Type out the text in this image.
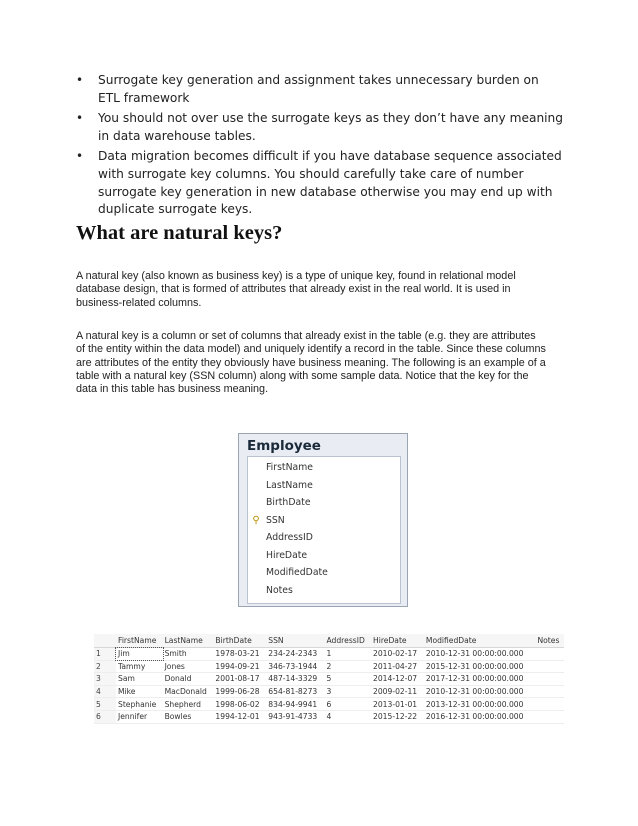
• Surrogate key generation and assignment takes unnecessary burden on ETL framework
• You should not over use the surrogate keys as they don’t have any meaning in data warehouse tables.
• Data migration becomes difficult if you have database sequence associated with surrogate key columns. You should carefully take care of number surrogate key generation in new database otherwise you may end up with duplicate surrogate keys.
What are natural keys?

A natural key (also known as business key) is a type of unique key, found in relational model database design, that is formed of attributes that already exist in the real world. It is used in business-related columns.

A natural key is a column or set of columns that already exist in the table (e.g. they are attributes of the entity within the data model) and uniquely identify a record in the table. Since these columns are attributes of the entity they obviously have business meaning. The following is an example of a table with a natural key (SSN column) along with some sample data. Notice that the key for the data in this table has business meaning.

Employee
FirstName
LastName
BirthDate
⚲ SSN
AddressID
HireDate
ModifiedDate
Notes
	FirstName	LastName	BirthDate	SSN	AddressID	HireDate	ModifiedDate	Notes
1	Jim	Smith	1978-03-21	234-24-2343	1	2010-02-17	2010-12-31 00:00:00.000	
2	Tammy	Jones	1994-09-21	346-73-1944	2	2011-04-27	2015-12-31 00:00:00.000	
3	Sam	Donald	2001-08-17	487-14-3329	5	2014-12-07	2017-12-31 00:00:00.000	
4	Mike	MacDonald	1999-06-28	654-81-8273	3	2009-02-11	2010-12-31 00:00:00.000	
5	Stephanie	Shepherd	1998-06-02	834-94-9941	6	2013-01-01	2013-12-31 00:00:00.000	
6	Jennifer	Bowles	1994-12-01	943-91-4733	4	2015-12-22	2016-12-31 00:00:00.000	
